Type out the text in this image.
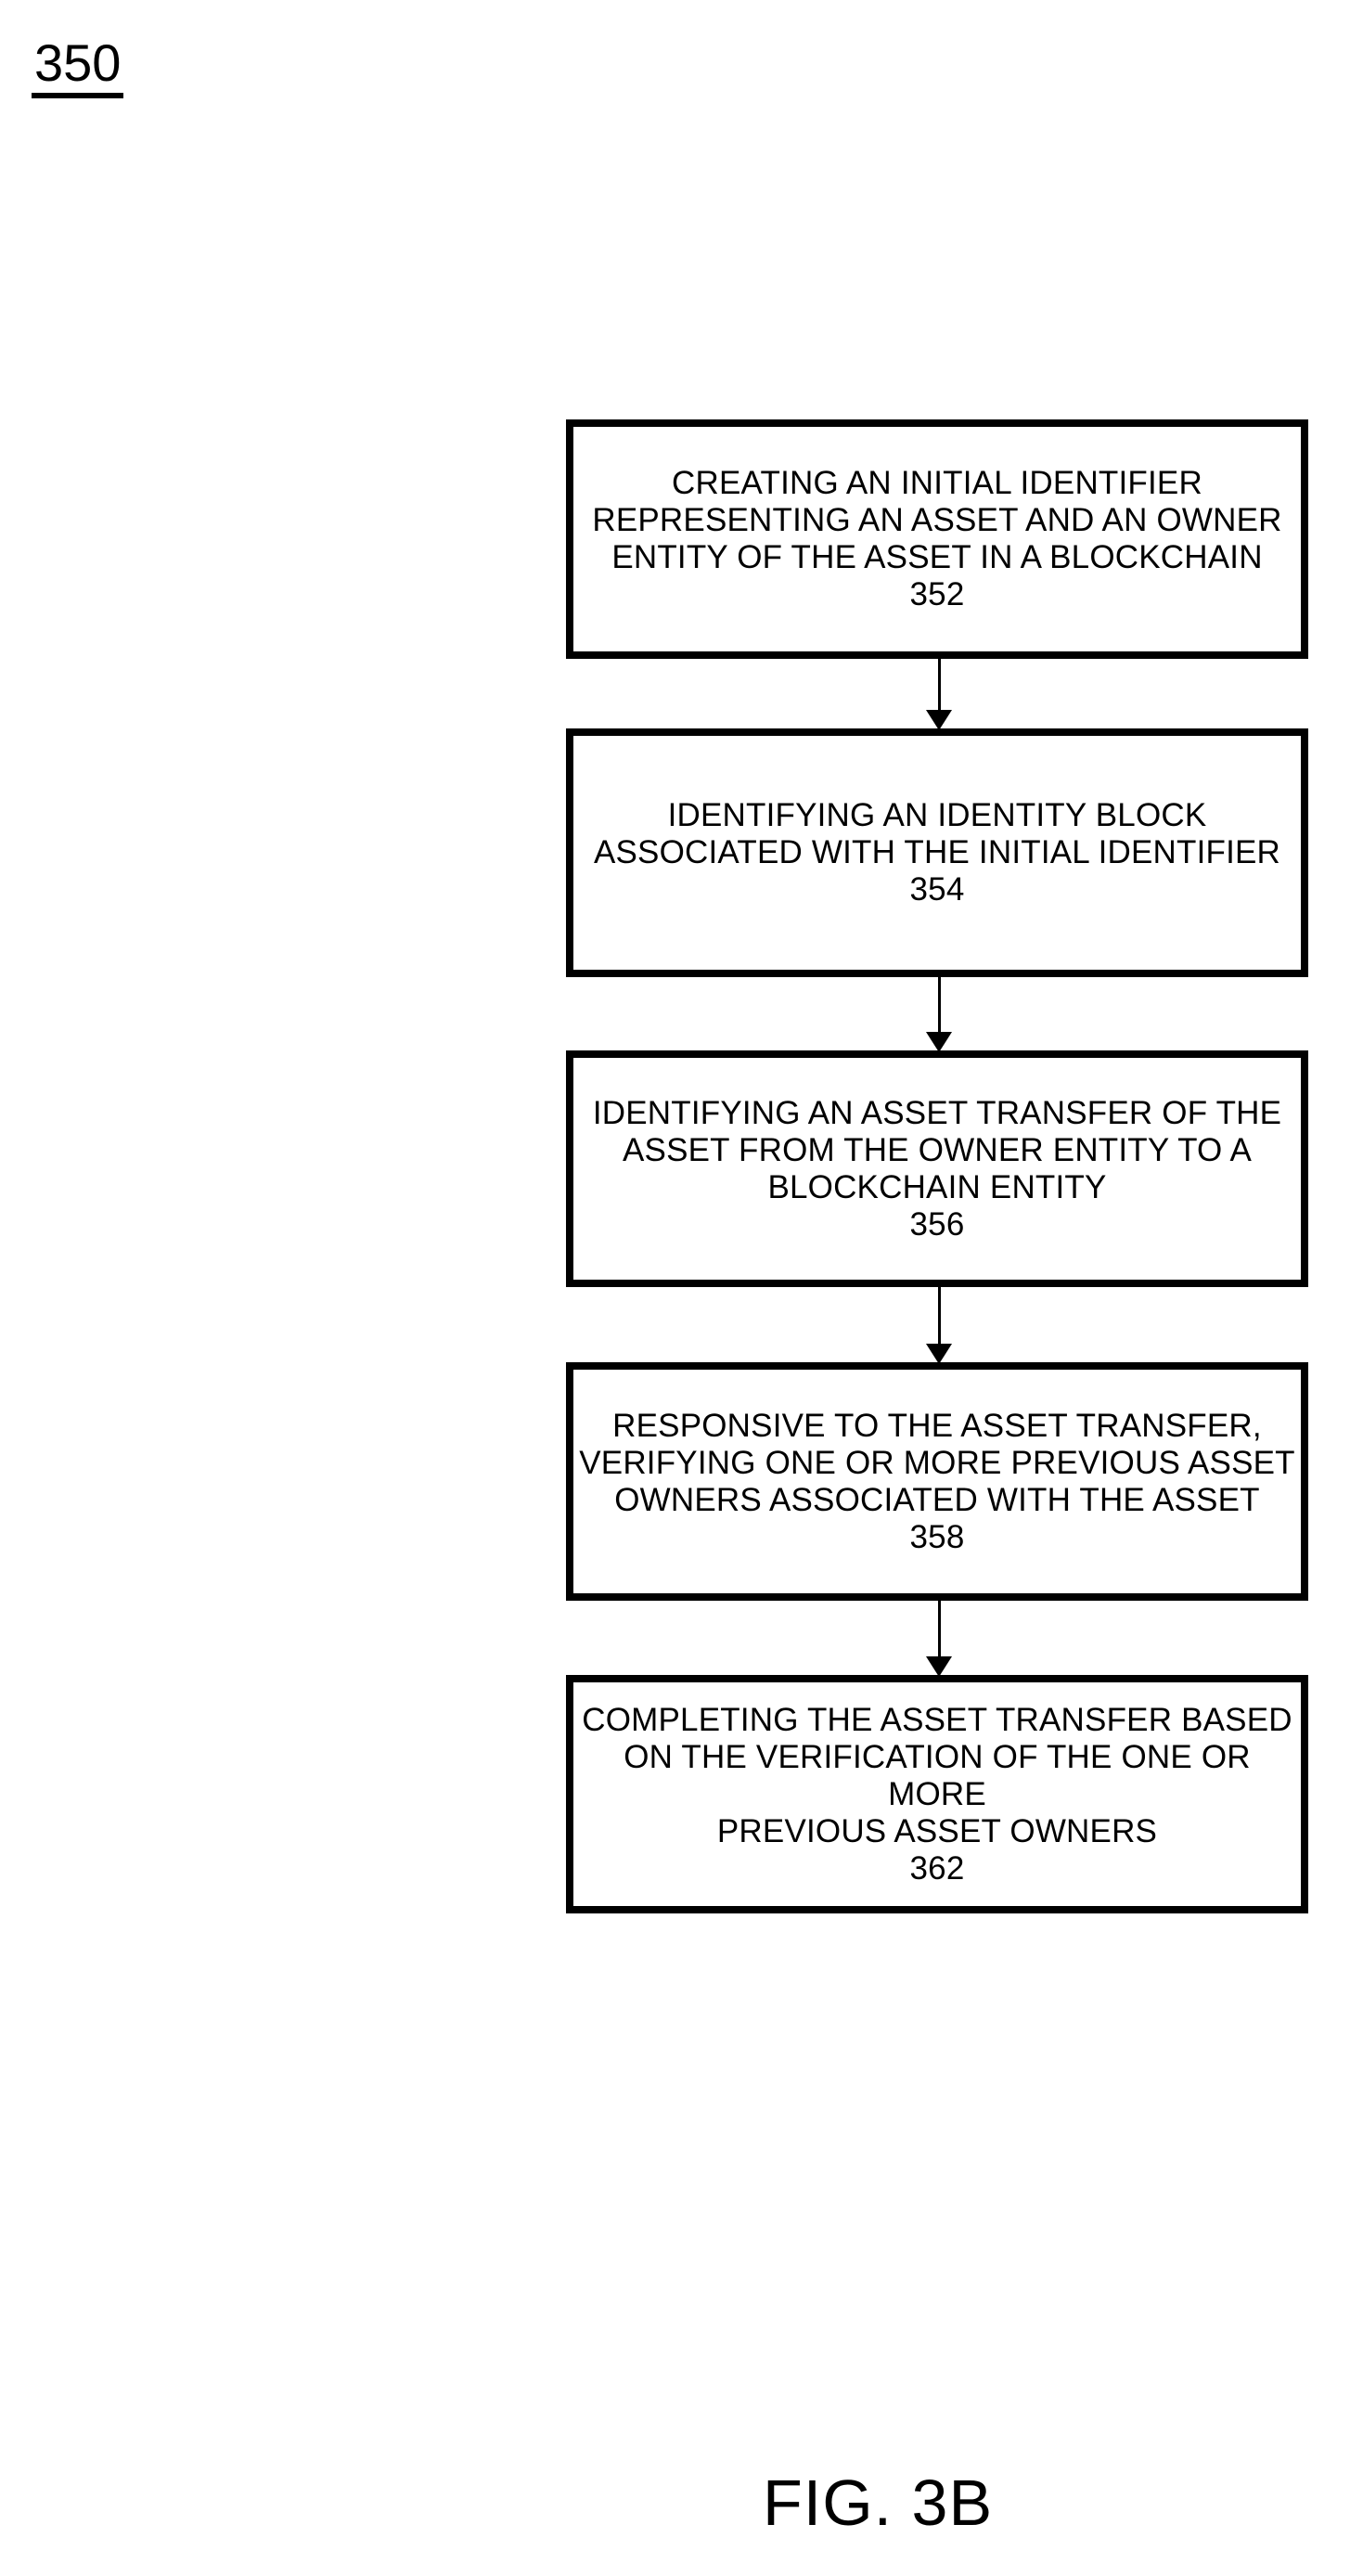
350
CREATING AN INITIAL IDENTIFIER
REPRESENTING AN ASSET AND AN OWNER
ENTITY OF THE ASSET IN A BLOCKCHAIN
352
IDENTIFYING AN IDENTITY BLOCK
ASSOCIATED WITH THE INITIAL IDENTIFIER
354
IDENTIFYING AN ASSET TRANSFER OF THE
ASSET FROM THE OWNER ENTITY TO A
BLOCKCHAIN ENTITY
356
RESPONSIVE TO THE ASSET TRANSFER,
VERIFYING ONE OR MORE PREVIOUS ASSET
OWNERS ASSOCIATED WITH THE ASSET
358
COMPLETING THE ASSET TRANSFER BASED
ON THE VERIFICATION OF THE ONE OR MORE
PREVIOUS ASSET OWNERS
362
FIG. 3B
